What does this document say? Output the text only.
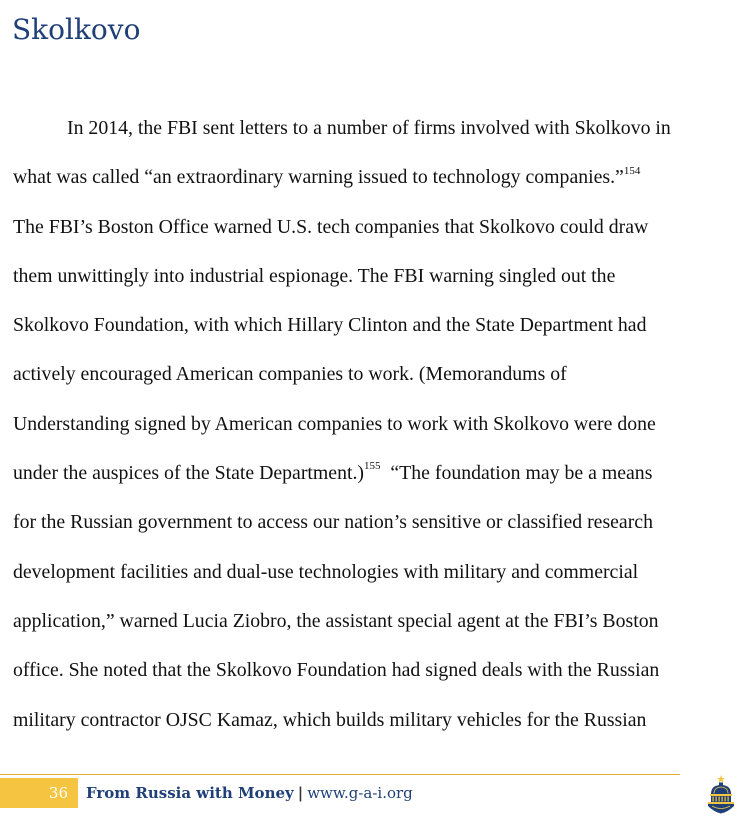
Skolkovo
In 2014, the FBI sent letters to a number of firms involved with Skolkovo in
what was called “an extraordinary warning issued to technology companies.”$^{154}$
The FBI’s Boston Office warned U.S. tech companies that Skolkovo could draw
them unwittingly into industrial espionage. The FBI warning singled out the
Skolkovo Foundation, with which Hillary Clinton and the State Department had
actively encouraged American companies to work. (Memorandums of
Understanding signed by American companies to work with Skolkovo were done
under the auspices of the State Department.)$^{155}$ “The foundation may be a means
for the Russian government to access our nation’s sensitive or classified research
development facilities and dual-use technologies with military and commercial
application,” warned Lucia Ziobro, the assistant special agent at the FBI’s Boston
office. She noted that the Skolkovo Foundation had signed deals with the Russian
military contractor OJSC Kamaz, which builds military vehicles for the Russian
36	From Russia with Money | www.g-a-i.org
